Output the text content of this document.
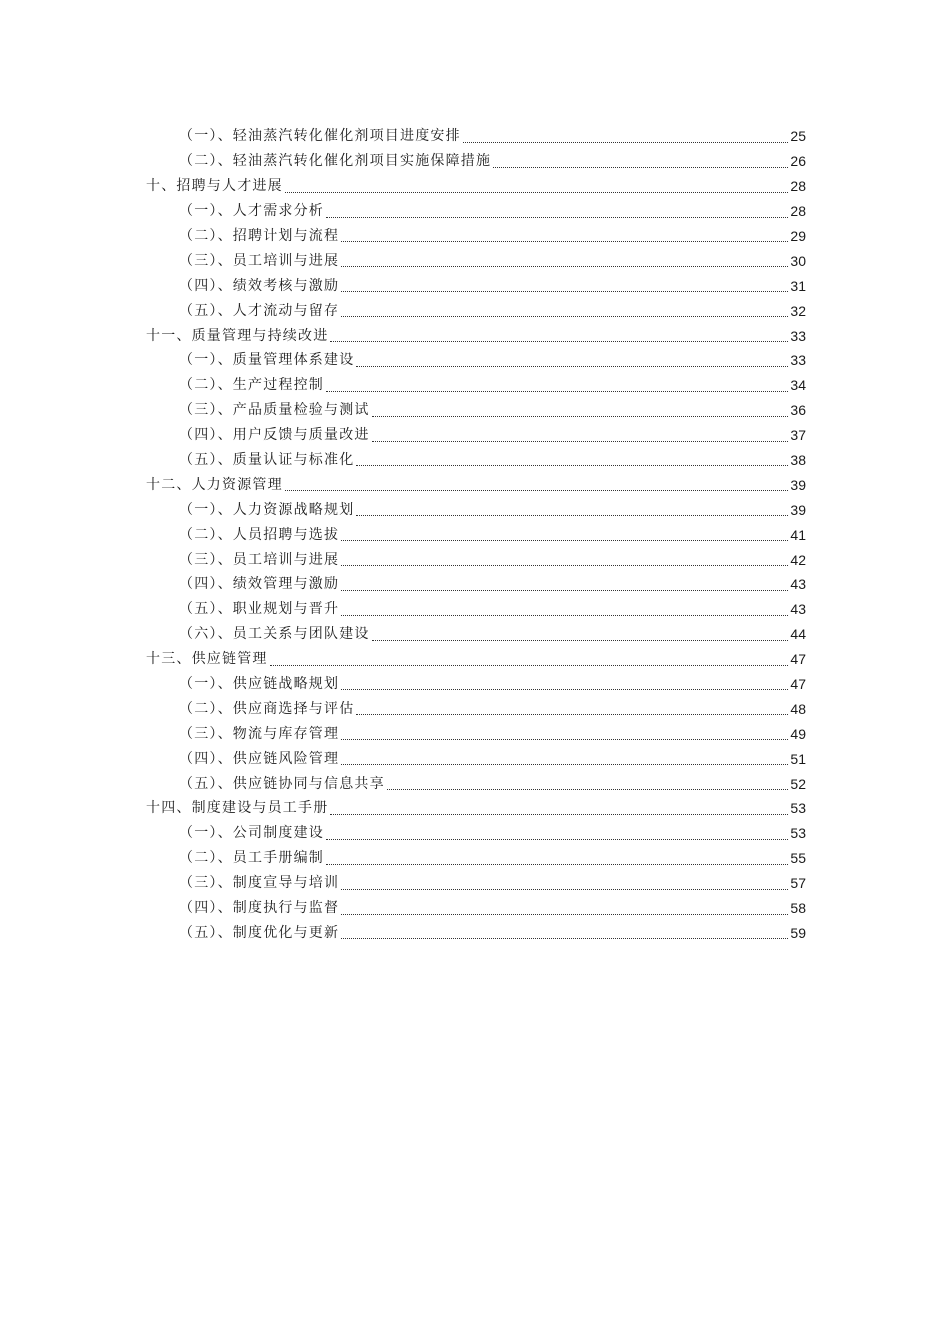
（一）、轻油蒸汽转化催化剂项目进度安排	25
（二）、轻油蒸汽转化催化剂项目实施保障措施	26
十、招聘与人才进展	28
（一）、人才需求分析	28
（二）、招聘计划与流程	29
（三）、员工培训与进展	30
（四）、绩效考核与激励	31
（五）、人才流动与留存	32
十一、质量管理与持续改进	33
（一）、质量管理体系建设	33
（二）、生产过程控制	34
（三）、产品质量检验与测试	36
（四）、用户反馈与质量改进	37
（五）、质量认证与标准化	38
十二、人力资源管理	39
（一）、人力资源战略规划	39
（二）、人员招聘与选拔	41
（三）、员工培训与进展	42
（四）、绩效管理与激励	43
（五）、职业规划与晋升	43
（六）、员工关系与团队建设	44
十三、供应链管理	47
（一）、供应链战略规划	47
（二）、供应商选择与评估	48
（三）、物流与库存管理	49
（四）、供应链风险管理	51
（五）、供应链协同与信息共享	52
十四、制度建设与员工手册	53
（一）、公司制度建设	53
（二）、员工手册编制	55
（三）、制度宣导与培训	57
（四）、制度执行与监督	58
（五）、制度优化与更新	59
